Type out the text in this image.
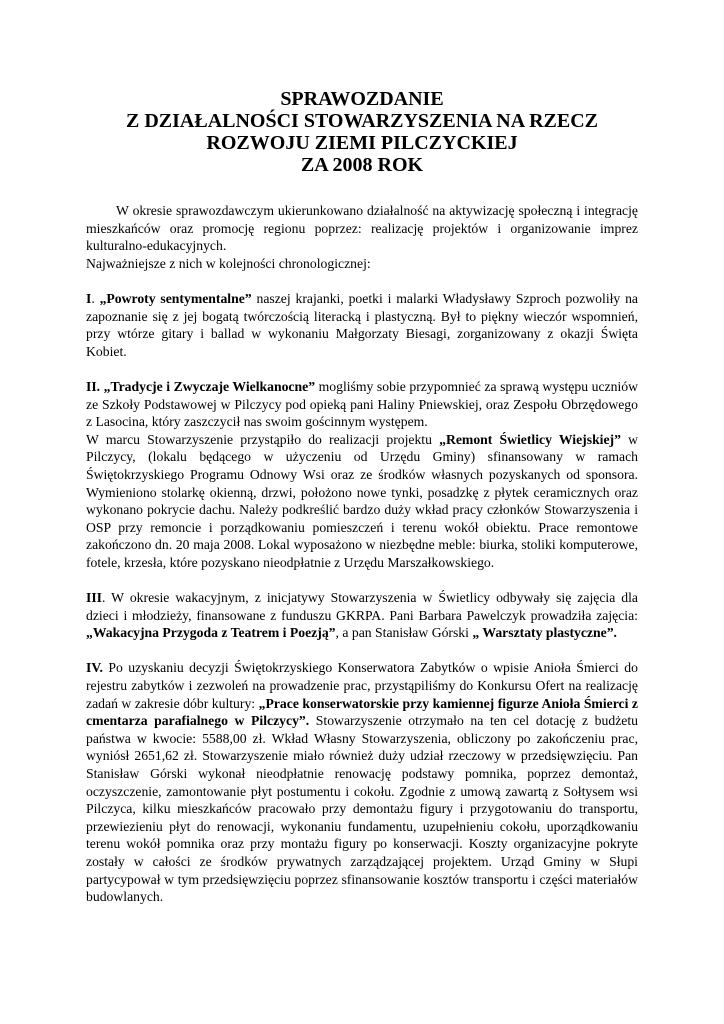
SPRAWOZDANIE
Z DZIAŁALNOŚCI STOWARZYSZENIA NA RZECZ
ROZWOJU ZIEMI PILCZYCKIEJ
ZA 2008 ROK

W okresie sprawozdawczym ukierunkowano działalność na aktywizację społeczną i integrację mieszkańców oraz promocję regionu poprzez: realizację projektów i organizowanie imprez kulturalno-edukacyjnych.

Najważniejsze z nich w kolejności chronologicznej:

I. „Powroty sentymentalne” naszej krajanki, poetki i malarki Władysławy Szproch pozwoliły na zapoznanie się z jej bogatą twórczością literacką i plastyczną. Był to piękny wieczór wspomnień, przy wtórze gitary i ballad w wykonaniu Małgorzaty Biesagi, zorganizowany z okazji Święta Kobiet.

II. „Tradycje i Zwyczaje Wielkanocne” mogliśmy sobie przypomnieć za sprawą występu uczniów ze Szkoły Podstawowej w Pilczycy pod opieką pani Haliny Pniewskiej, oraz Zespołu Obrzędowego z Lasocina, który zaszczycił nas swoim gościnnym występem.

W marcu Stowarzyszenie przystąpiło do realizacji projektu „Remont Świetlicy Wiejskiej” w Pilczycy, (lokalu będącego w użyczeniu od Urzędu Gminy) sfinansowany w ramach Świętokrzyskiego Programu Odnowy Wsi oraz ze środków własnych pozyskanych od sponsora. Wymieniono stolarkę okienną, drzwi, położono nowe tynki, posadzkę z płytek ceramicznych oraz wykonano pokrycie dachu. Należy podkreślić bardzo duży wkład pracy członków Stowarzyszenia i OSP przy remoncie i porządkowaniu pomieszczeń i terenu wokół obiektu. Prace remontowe zakończono dn. 20 maja 2008. Lokal wyposażono w niezbędne meble: biurka, stoliki komputerowe, fotele, krzesła, które pozyskano nieodpłatnie z Urzędu Marszałkowskiego.

III. W okresie wakacyjnym, z inicjatywy Stowarzyszenia w Świetlicy odbywały się zajęcia dla dzieci i młodzieży, finansowane z funduszu GKRPA. Pani Barbara Pawelczyk prowadziła zajęcia: „Wakacyjna Przygoda z Teatrem i Poezją”, a pan Stanisław Górski „ Warsztaty plastyczne”.

IV. Po uzyskaniu decyzji Świętokrzyskiego Konserwatora Zabytków o wpisie Anioła Śmierci do rejestru zabytków i zezwoleń na prowadzenie prac, przystąpiliśmy do Konkursu Ofert na realizację zadań w zakresie dóbr kultury: „Prace konserwatorskie przy kamiennej figurze Anioła Śmierci z cmentarza parafialnego w Pilczycy”. Stowarzyszenie otrzymało na ten cel dotację z budżetu państwa w kwocie: 5588,00 zł. Wkład Własny Stowarzyszenia, obliczony po zakończeniu prac, wyniósł 2651,62 zł. Stowarzyszenie miało również duży udział rzeczowy w przedsięwzięciu. Pan Stanisław Górski wykonał nieodpłatnie renowację podstawy pomnika, poprzez demontaż, oczyszczenie, zamontowanie płyt postumentu i cokołu. Zgodnie z umową zawartą z Sołtysem wsi Pilczyca, kilku mieszkańców pracowało przy demontażu figury i przygotowaniu do transportu, przewiezieniu płyt do renowacji, wykonaniu fundamentu, uzupełnieniu cokołu, uporządkowaniu terenu wokół pomnika oraz przy montażu figury po konserwacji. Koszty organizacyjne pokryte zostały w całości ze środków prywatnych zarządzającej projektem. Urząd Gminy w Słupi partycypował w tym przedsięwzięciu poprzez sfinansowanie kosztów transportu i części materiałów budowlanych.
